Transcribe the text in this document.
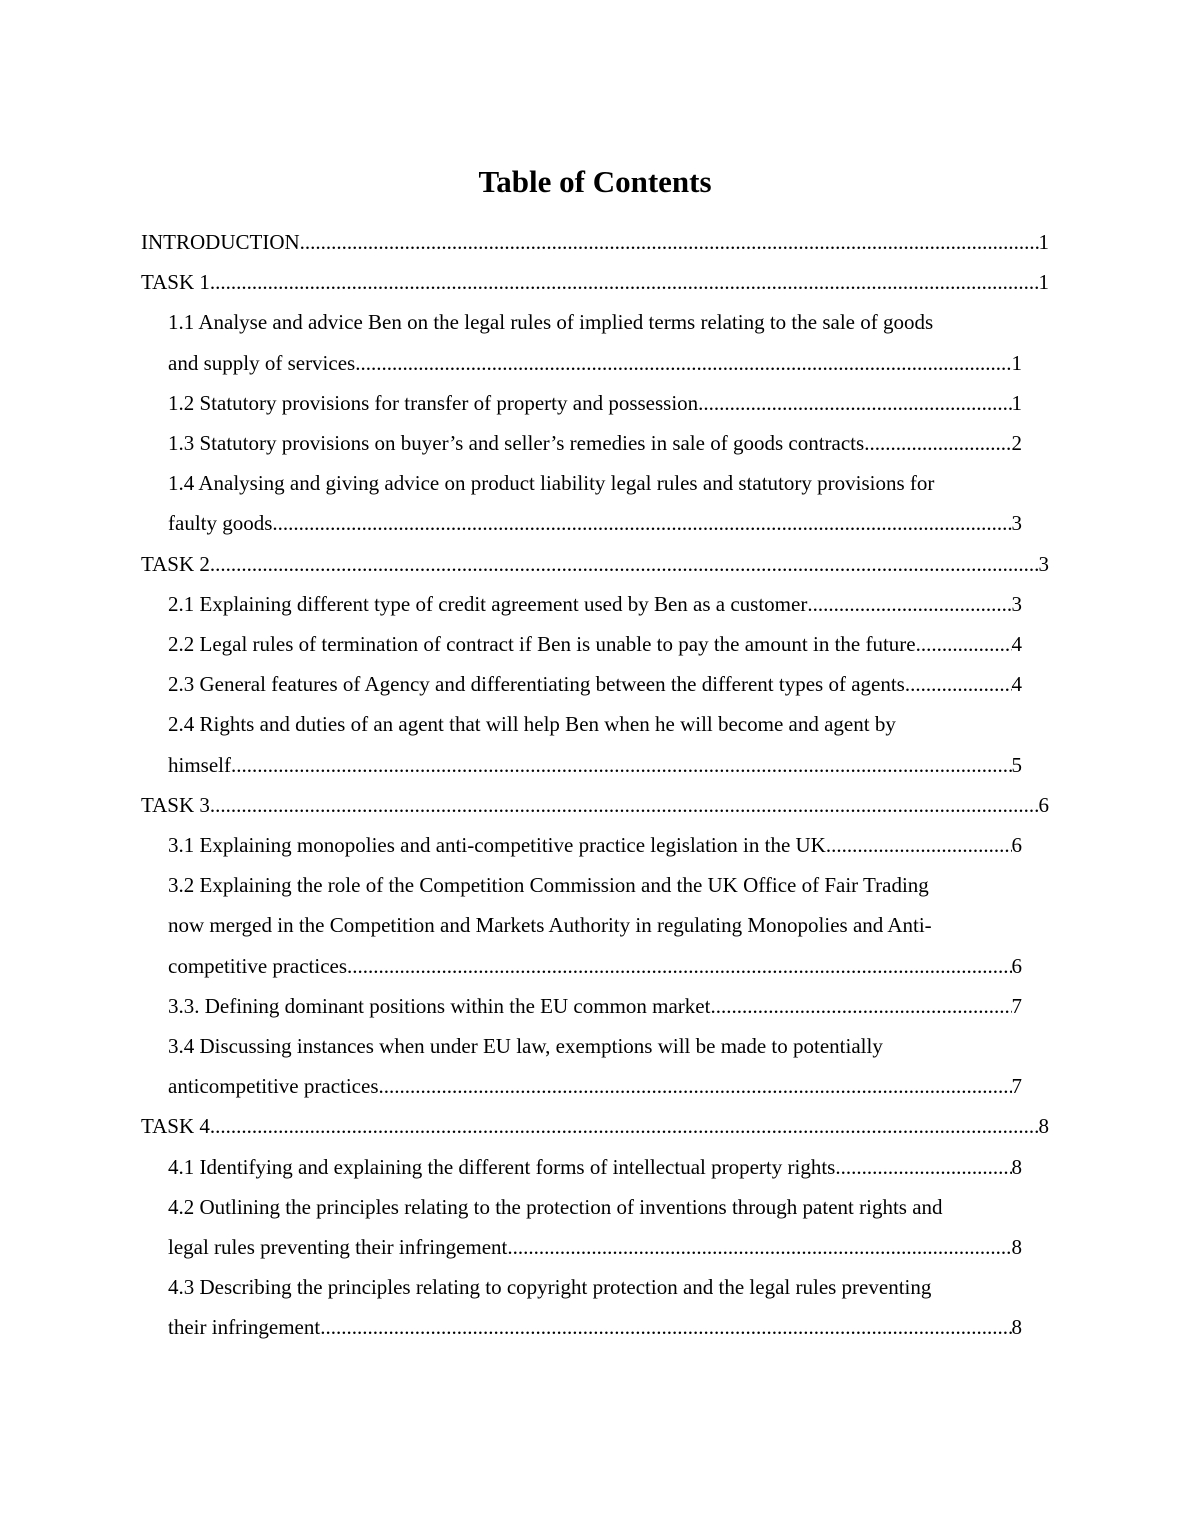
Table of Contents
INTRODUCTION .....	1
TASK 1 .....	1
1.1 Analyse and advice Ben on the legal rules of implied terms relating to the sale of goods
and supply of services .....	1
1.2 Statutory provisions for transfer of property and possession .....	1
1.3 Statutory provisions on buyer’s and seller’s remedies in sale of goods contracts .....	2
1.4 Analysing and giving advice on product liability legal rules and statutory provisions for
faulty goods .....	3
TASK 2 .....	3
2.1 Explaining different type of credit agreement used by Ben as a customer .....	3
2.2 Legal rules of termination of contract if Ben is unable to pay the amount in the future. .....	4
2.3 General features of Agency and differentiating between the different types of agents.. .....	4
2.4 Rights and duties of an agent that will help Ben when he will become and agent by
himself .....	5
TASK 3 .....	6
3.1 Explaining monopolies and anti-competitive practice legislation in the UK .....	6
3.2 Explaining the role of the Competition Commission and the UK Office of Fair Trading
now merged in the Competition and Markets Authority in regulating Monopolies and Anti-
competitive practices .....	6
3.3. Defining dominant positions within the EU common market .....	7
3.4 Discussing instances when under EU law, exemptions will be made to potentially
anticompetitive practices .....	7
TASK 4 .....	8
4.1 Identifying and explaining the different forms of intellectual property rights .....	8
4.2 Outlining the principles relating to the protection of inventions through patent rights and
legal rules preventing their infringement .....	8
4.3 Describing the principles relating to copyright protection and the legal rules preventing
their infringement .....	8
